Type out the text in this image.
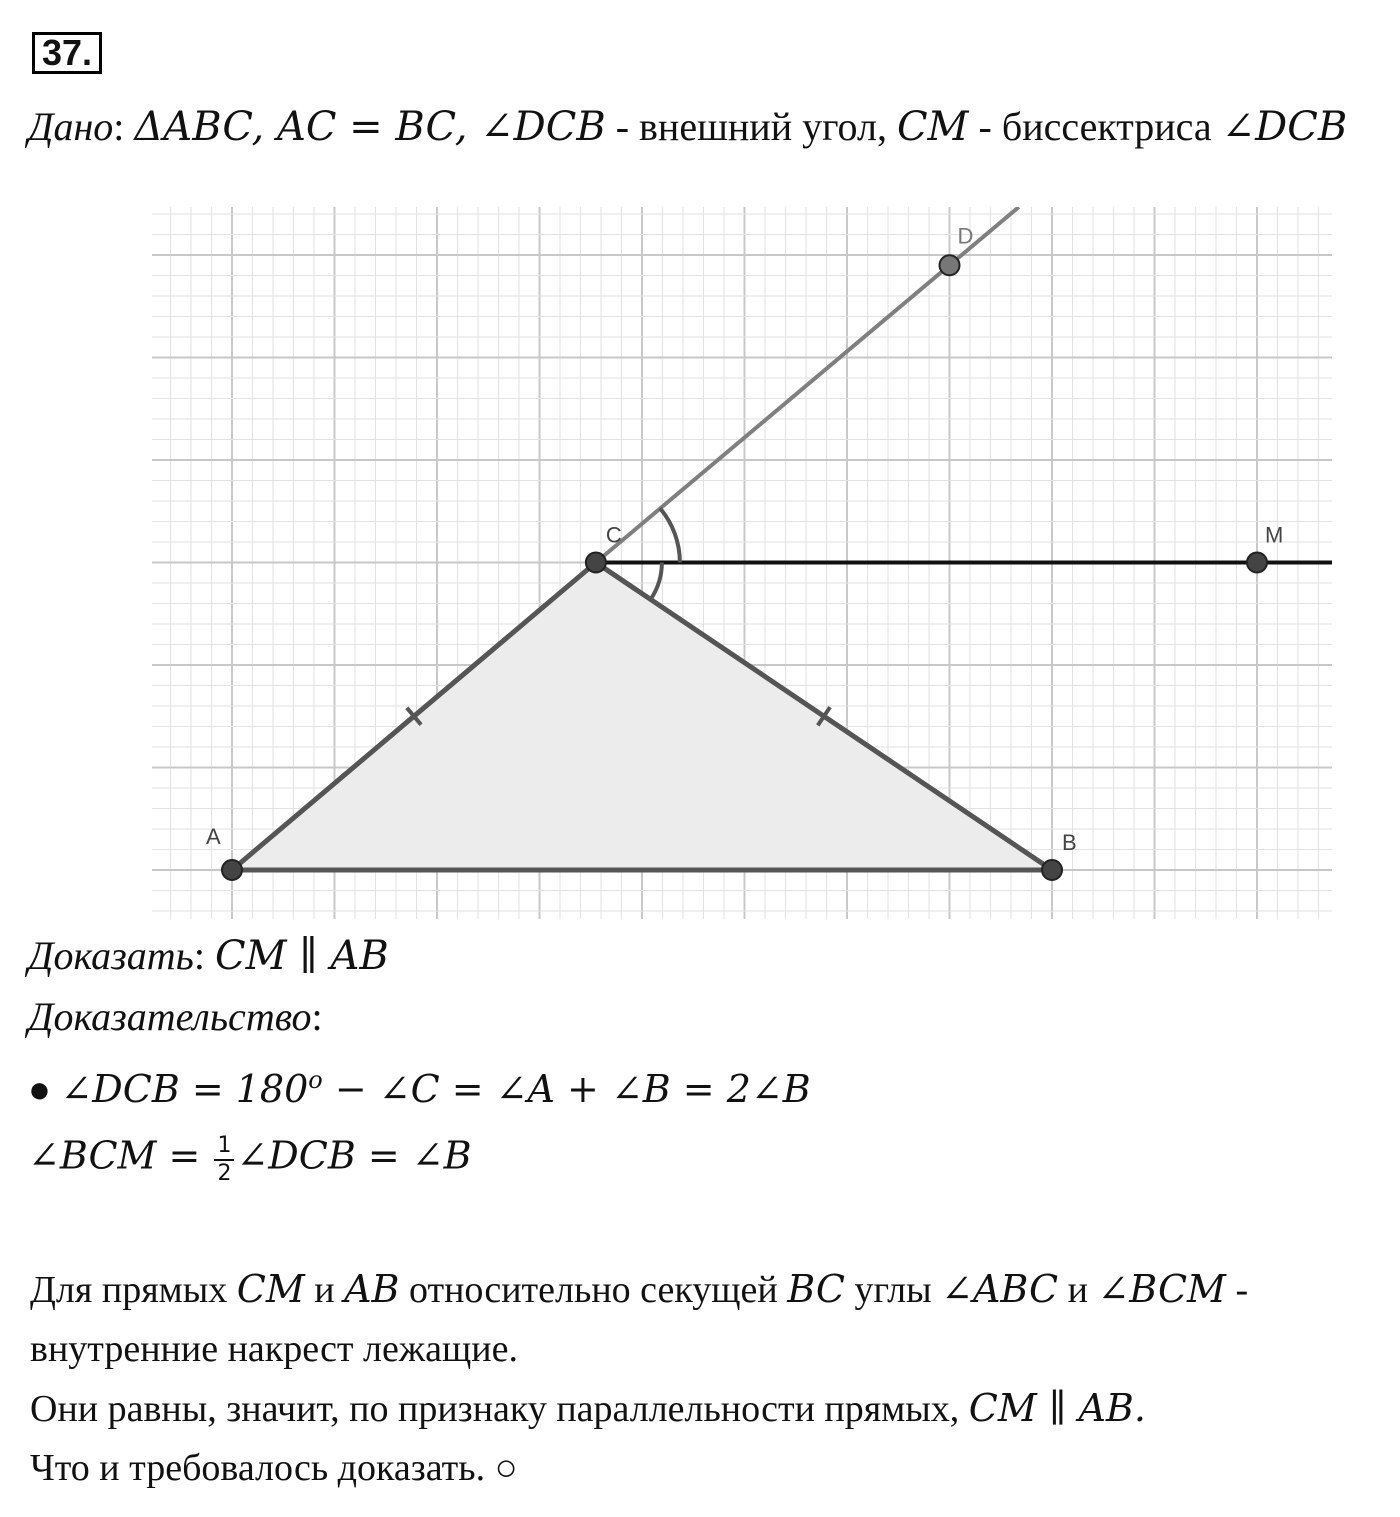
37.
Дано: ΔABC, AC = BC, ∠DCB - внешний угол, CM - биссектриса ∠DCB
D
M
A	B
C
Доказать: CM ∥ AB
Доказательство:
● ∠DCB = $180^o$ − ∠C = ∠A + ∠B = 2∠B
∠BCM = $\frac{1}{2}$ ∠DCB = ∠B

Для прямых CM и AB относительно секущей BC углы ∠ABC и ∠BCM -

внутренние накрест лежащие.

Они равны, значит, по признаку параллельности прямых, CM ∥ AB.

Что и требовалось доказать. ○
